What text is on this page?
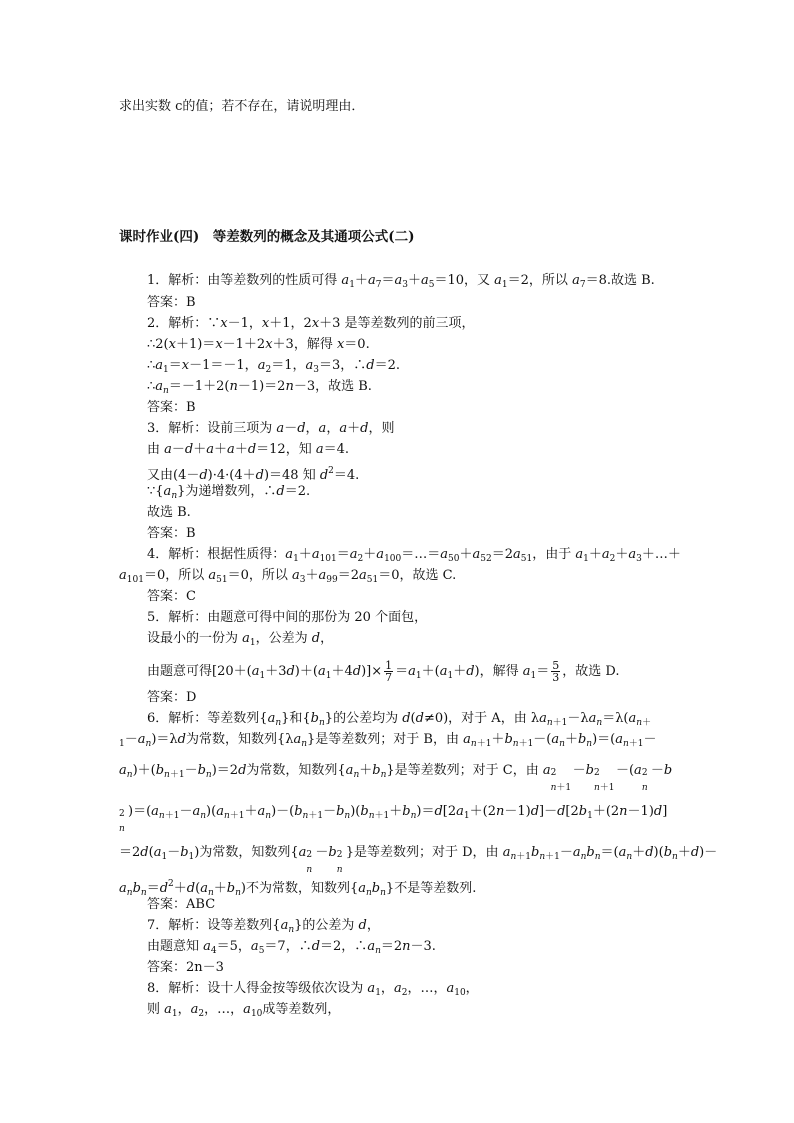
求出实数 c的值；若不存在，请说明理由．
课时作业(四)　等差数列的概念及其通项公式(二)
1．解析：由等差数列的性质可得 $a_1+a_7=a_3+a_5=10$，又 $a_1=2$，所以 $a_7=8$.故选 B.
答案：B
2．解析：∵x－1，x＋1，2x＋3 是等差数列的前三项，
∴2(x＋1)＝x－1＋2x＋3，解得 x＝0.
$\therefore a_1=x-1=-1$，$a_2=1$，$a_3=3$，∴d＝2.
$\therefore a_n=-1+2(n-1)=2n-3$，故选 B.
答案：B
3．解析：设前三项为 a－d，a，a＋d，则
由 a－d＋a＋a＋d＝12，知 a＝4.
又由(4－d)·4·(4＋d)＝48 知 $d^2=4$.
$\because\{a_n\}$为递增数列，∴d＝2.
故选 B.
答案：B
4．解析：根据性质得：$a_1+a_{101}=a_2+a_{100}=\dots=a_{50}+a_{52}=2a_{51}$，由于 $a_1+a_2+a_3+\dots+$
$a_{101}=0$，所以 $a_{51}=0$，所以 $a_3+a_{99}=2a_{51}=0$，故选 C.
答案：C
5．解析：由题意可得中间的那份为 20 个面包，
设最小的一份为 $a_1$，公差为 d，
由题意可得$[20+(a_1+3d)+(a_1+4d)]\times \frac{1}{7} =a_1+(a_1+d)$，解得 $a_1= \frac{5}{3}$ ，故选 D.
答案：D
6．解析：等差数列$\{a_n\}$和$\{b_n\}$的公差均为 d(d≠0)，对于 A，由 $\lambda a_{n+1}-\lambda a_n=\lambda(a_{n+}$
$_1-a_n)=\lambda d$为常数，知数列$\{\lambda a_n\}$是等差数列；对于 B，由 $a_{n+1}+b_{n+1}-(a_n+b_n)=(a_{n+1}-$
$a_n)+(b_{n+1}-b_n)=2d$为常数，知数列$\{a_n+b_n\}$是等差数列；对于 C，由 a 2
n＋1
　－b 2
n＋1
　－(a 2
n
－b
2
n
)$=(a_{n+1}-a_n)(a_{n+1}+a_n)-(b_{n+1}-b_n)(b_{n+1}+b_n)=d[2a_1+(2n-1)d]-d[2b_1+(2n-1)d]$
$=2d(a_1-b_1)$为常数，知数列{a 2
n
－b 2
n
}是等差数列；对于 D，由 $a_{n+1}b_{n+1}-a_nb_n=(a_n+d)(b_n+d)-$
$a_nb_n=d^2+d(a_n+b_n)$不为常数，知数列$\{a_nb_n\}$不是等差数列.
答案：ABC
7．解析：设等差数列$\{a_n\}$的公差为 d，
由题意知 $a_4=5$，$a_5=7$，∴d＝2，$\therefore a_n=2n-3$.
答案：2n－3
8．解析：设十人得金按等级依次设为 $a_1$，$a_2$，…，$a_{10}$，
则 $a_1$，$a_2$，…，$a_{10}$成等差数列，
